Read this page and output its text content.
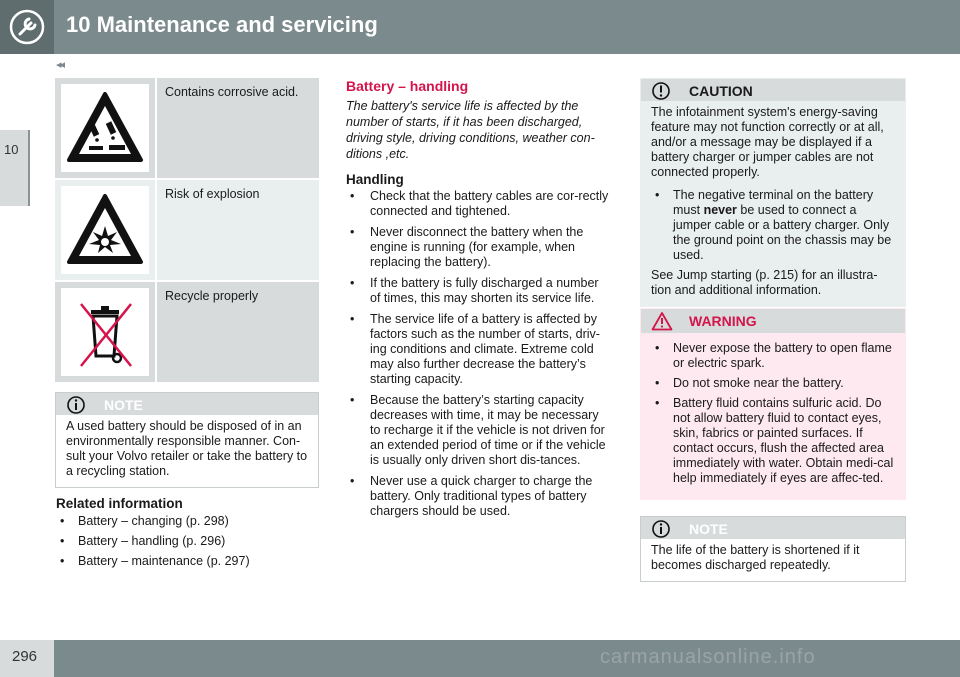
10 Maintenance and servicing
◂◂
10
Contains corrosive acid.
Risk of explosion
Recycle properly
NOTE
A used battery should be disposed of in an environmentally responsible manner. Con-sult your Volvo retailer or take the battery to a recycling station.
Related information
• Battery – changing (p. 298)
• Battery – handling (p. 296)
• Battery – maintenance (p. 297)
Battery – handling
The battery's service life is affected by the number of starts, if it has been discharged, driving style, driving conditions, weather con-ditions ,etc.
Handling
• Check that the battery cables are cor-rectly connected and tightened.
• Never disconnect the battery when the engine is running (for example, when replacing the battery).
• If the battery is fully discharged a number of times, this may shorten its service life.
• The service life of a battery is affected by factors such as the number of starts, driv-ing conditions and climate. Extreme cold may also further decrease the battery’s starting capacity.
• Because the battery’s starting capacity decreases with time, it may be necessary to recharge it if the vehicle is not driven for an extended period of time or if the vehicle is usually only driven short dis-tances.
• Never use a quick charger to charge the battery. Only traditional types of battery chargers should be used.
CAUTION
The infotainment system's energy-saving feature may not function correctly or at all, and/or a message may be displayed if a battery charger or jumper cables are not connected properly.
• The negative terminal on the battery must never be used to connect a jumper cable or a battery charger. Only the ground point on the chassis may be used.
See Jump starting (p. 215) for an illustra-tion and additional information.
WARNING
• Never expose the battery to open flame or electric spark.
• Do not smoke near the battery.
• Battery fluid contains sulfuric acid. Do not allow battery fluid to contact eyes, skin, fabrics or painted surfaces. If contact occurs, flush the affected area immediately with water. Obtain medi-cal help immediately if eyes are affec-ted.
NOTE
The life of the battery is shortened if it becomes discharged repeatedly.
296	carmanualsonline.info
